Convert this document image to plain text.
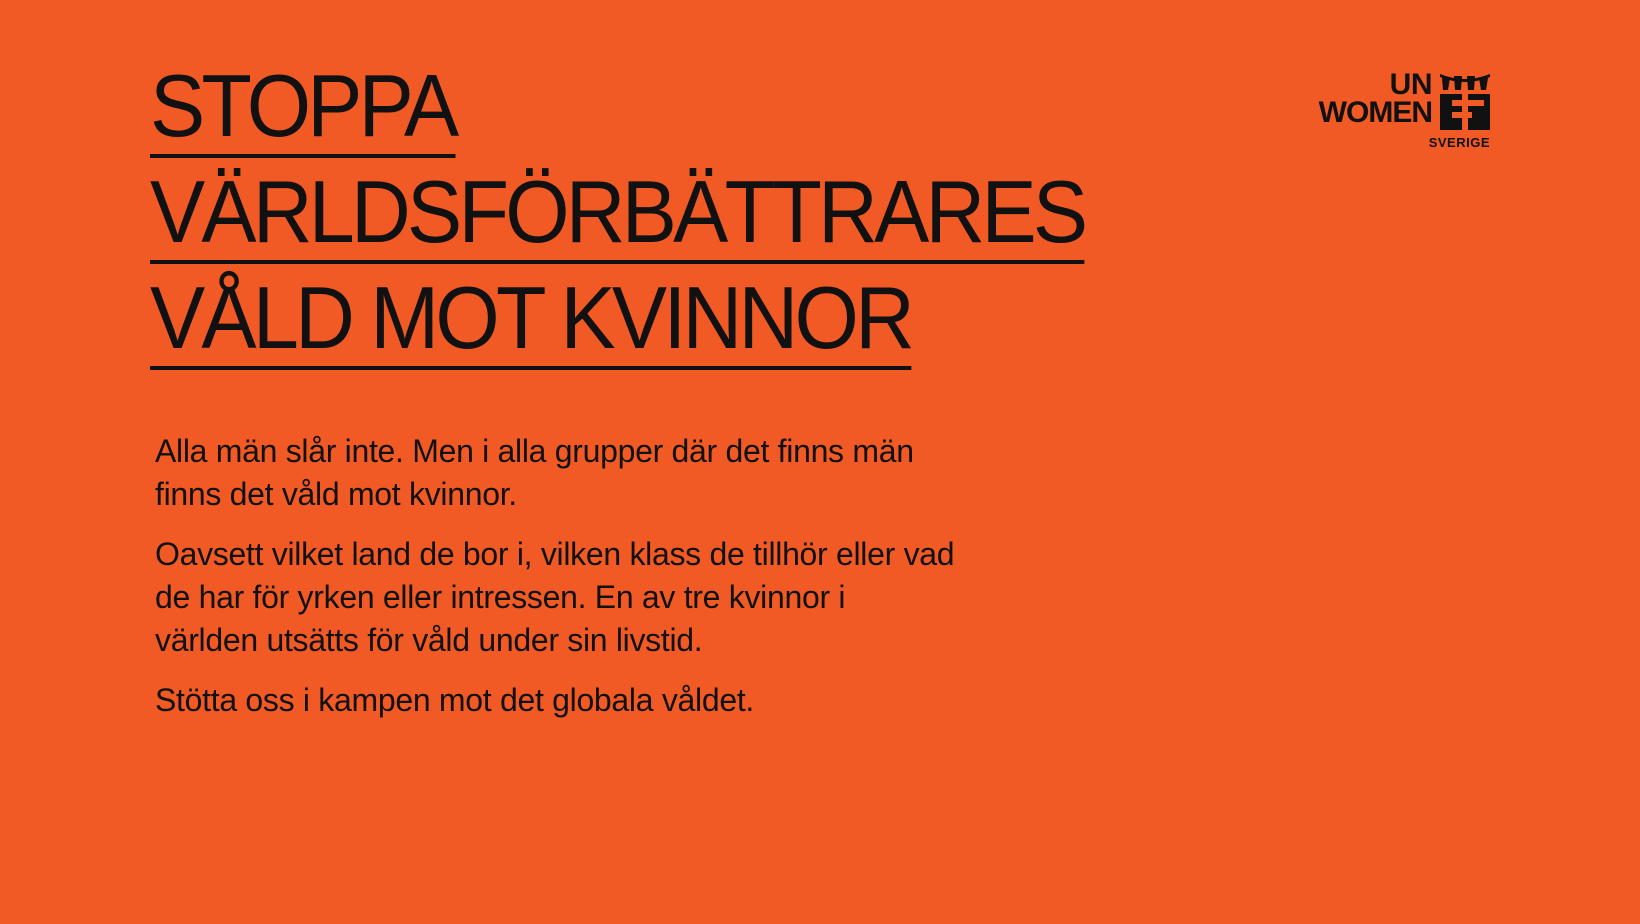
STOPPA
VÄRLDSFÖRBÄTTRARES
VÅLD MOT KVINNOR

Alla män slår inte. Men i alla grupper där det finns män finns det våld mot kvinnor.

Oavsett vilket land de bor i, vilken klass de tillhör eller vad de har för yrken eller intressen. En av tre kvinnor i världen utsätts för våld under sin livstid.

Stötta oss i kampen mot det globala våldet.

UN
WOMEN
SVERIGE
